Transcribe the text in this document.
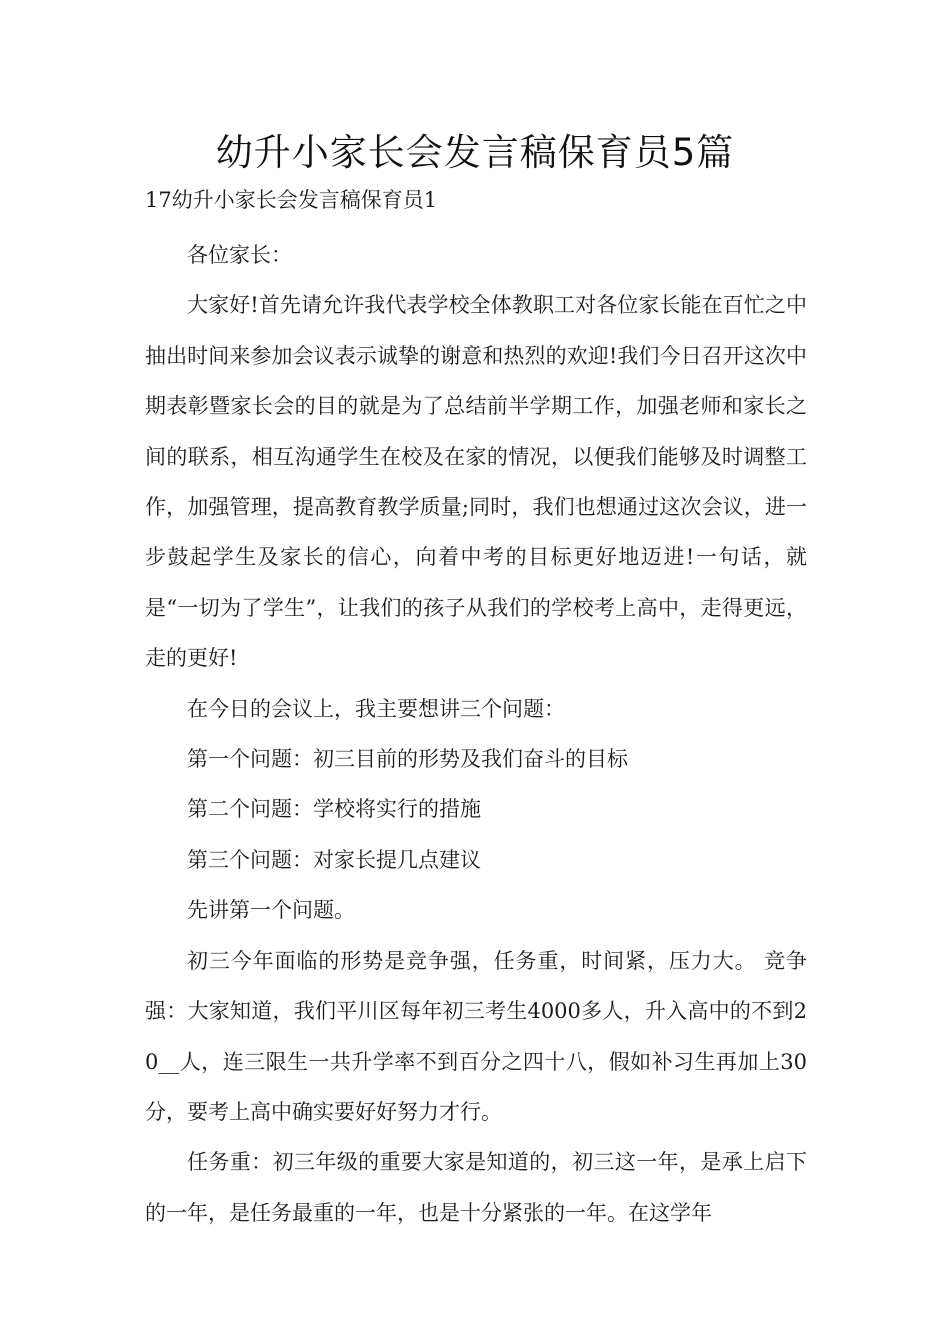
幼升小家长会发言稿保育员5篇

17幼升小家长会发言稿保育员1

各位家长：

大家好!首先请允许我代表学校全体教职工对各位家长能在百忙之中抽出时间来参加会议表示诚挚的谢意和热烈的欢迎!我们今日召开这次中期表彰暨家长会的目的就是为了总结前半学期工作，加强老师和家长之间的联系，相互沟通学生在校及在家的情况，以便我们能够及时调整工作，加强管理，提高教育教学质量;同时，我们也想通过这次会议，进一步鼓起学生及家长的信心，向着中考的目标更好地迈进!一句话，就是“一切为了学生”，让我们的孩子从我们的学校考上高中，走得更远，走的更好!

在今日的会议上，我主要想讲三个问题：

第一个问题：初三目前的形势及我们奋斗的目标

第二个问题：学校将实行的措施

第三个问题：对家长提几点建议

先讲第一个问题。

初三今年面临的形势是竞争强，任务重，时间紧，压力大。 竞争强：大家知道，我们平川区每年初三考生4000多人，升入高中的不到20__人，连三限生一共升学率不到百分之四十八，假如补习生再加上30分，要考上高中确实要好好努力才行。

任务重：初三年级的重要大家是知道的，初三这一年，是承上启下的一年，是任务最重的一年，也是十分紧张的一年。在这学年
